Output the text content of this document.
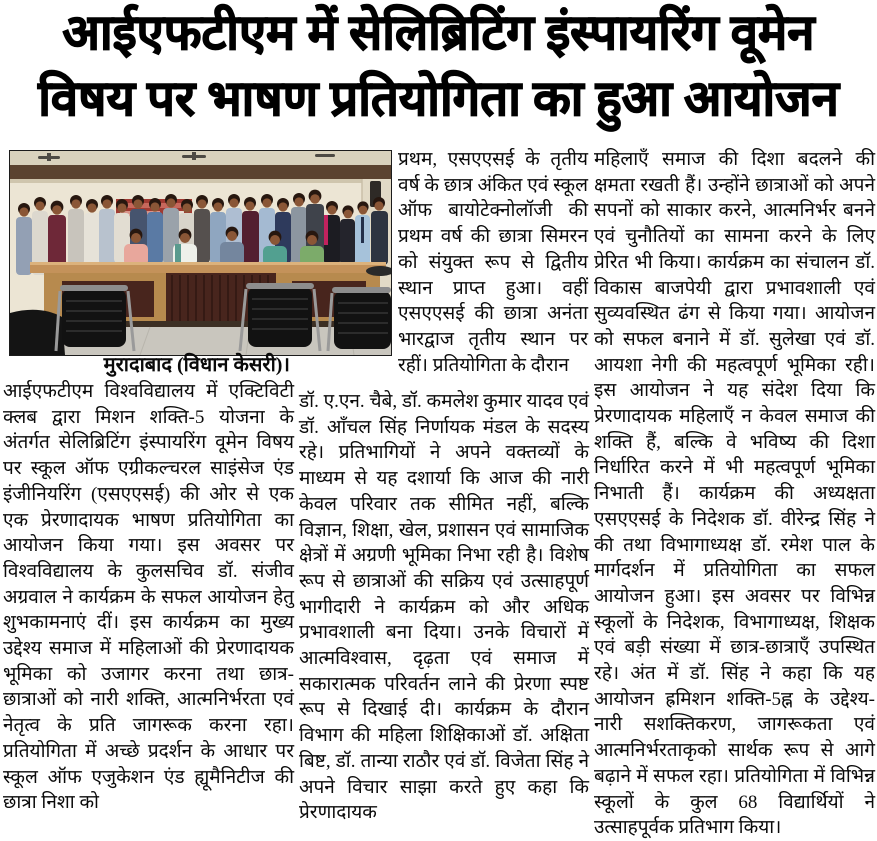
आईएफटीएम में सेलिब्रिटिंग इंस्पायरिंग वूमेन
विषय पर भाषण प्रतियोगिता का हुआ आयोजन
मुरादाबाद (विधान केसरी)।
आईएफटीएम विश्वविद्यालय में एक्टिविटी क्लब द्वारा मिशन शक्ति-5 योजना के अंतर्गत सेलिब्रिटिंग इंस्पायरिंग वूमेन विषय पर स्कूल ऑफ एग्रीकल्चरल साइंसेज एंड इंजीनियरिंग (एसएएसई) की ओर से एक एक प्रेरणादायक भाषण प्रतियोगिता का आयोजन किया गया। इस अवसर पर विश्वविद्यालय के कुलसचिव डॉ. संजीव अग्रवाल ने कार्यक्रम के सफल आयोजन हेतु शुभकामनाएं दीं। इस कार्यक्रम का मुख्य उद्देश्य समाज में महिलाओं की प्रेरणादायक भूमिका को उजागर करना तथा छात्र-छात्राओं को नारी शक्ति, आत्मनिर्भरता एवं नेतृत्व के प्रति जागरूक करना रहा। प्रतियोगिता में अच्छे प्रदर्शन के आधार पर स्कूल ऑफ एजुकेशन एंड ह्यूमैनिटीज की छात्रा निशा को
प्रथम, एसएएसई के तृतीय वर्ष के छात्र अंकित एवं स्कूल ऑफ बायोटेक्नोलॉजी की प्रथम वर्ष की छात्रा सिमरन को संयुक्त रूप से द्वितीय स्थान प्राप्त हुआ। वहीं एसएएसई की छात्रा अनंता भारद्वाज तृतीय स्थान पर रहीं। प्रतियोगिता के दौरान
डॉ. ए.एन. चैबे, डॉ. कमलेश कुमार यादव एवं डॉ. आँचल सिंह निर्णायक मंडल के सदस्य रहे। प्रतिभागियों ने अपने वक्तव्यों के माध्यम से यह दशार्या कि आज की नारी केवल परिवार तक सीमित नहीं, बल्कि विज्ञान, शिक्षा, खेल, प्रशासन एवं सामाजिक क्षेत्रों में अग्रणी भूमिका निभा रही है। विशेष रूप से छात्राओं की सक्रिय एवं उत्साहपूर्ण भागीदारी ने कार्यक्रम को और अधिक प्रभावशाली बना दिया। उनके विचारों में आत्मविश्वास, दृढ़ता एवं समाज में सकारात्मक परिवर्तन लाने की प्रेरणा स्पष्ट रूप से दिखाई दी। कार्यक्रम के दौरान विभाग की महिला शिक्षिकाओं डॉ. अक्षिता बिष्ट, डॉ. तान्या राठौर एवं डॉ. विजेता सिंह ने अपने विचार साझा करते हुए कहा कि प्रेरणादायक
महिलाएँ समाज की दिशा बदलने की क्षमता रखती हैं। उन्होंने छात्राओं को अपने सपनों को साकार करने, आत्मनिर्भर बनने एवं चुनौतियों का सामना करने के लिए प्रेरित भी किया। कार्यक्रम का संचालन डॉ. विकास बाजपेयी द्वारा प्रभावशाली एवं सुव्यवस्थित ढंग से किया गया। आयोजन को सफल बनाने में डॉ. सुलेखा एवं डॉ. आयशा नेगी की महत्वपूर्ण भूमिका रही। इस आयोजन ने यह संदेश दिया कि प्रेरणादायक महिलाएँ न केवल समाज की शक्ति हैं, बल्कि वे भविष्य की दिशा निर्धारित करने में भी महत्वपूर्ण भूमिका निभाती हैं। कार्यक्रम की अध्यक्षता एसएएसई के निदेशक डॉ. वीरेन्द्र सिंह ने की तथा विभागाध्यक्ष डॉ. रमेश पाल के मार्गदर्शन में प्रतियोगिता का सफल आयोजन हुआ। इस अवसर पर विभिन्न स्कूलों के निदेशक, विभागाध्यक्ष, शिक्षक एवं बड़ी संख्या में छात्र-छात्राएँ उपस्थित रहे। अंत में डॉ. सिंह ने कहा कि यह आयोजन ह्रमिशन शक्ति-5ह्न के उद्देश्य-नारी सशक्तिकरण, जागरूकता एवं आत्मनिर्भरताकृको सार्थक रूप से आगे बढ़ाने में सफल रहा। प्रतियोगिता में विभिन्न स्कूलों के कुल 68 विद्यार्थियों ने उत्साहपूर्वक प्रतिभाग किया।
